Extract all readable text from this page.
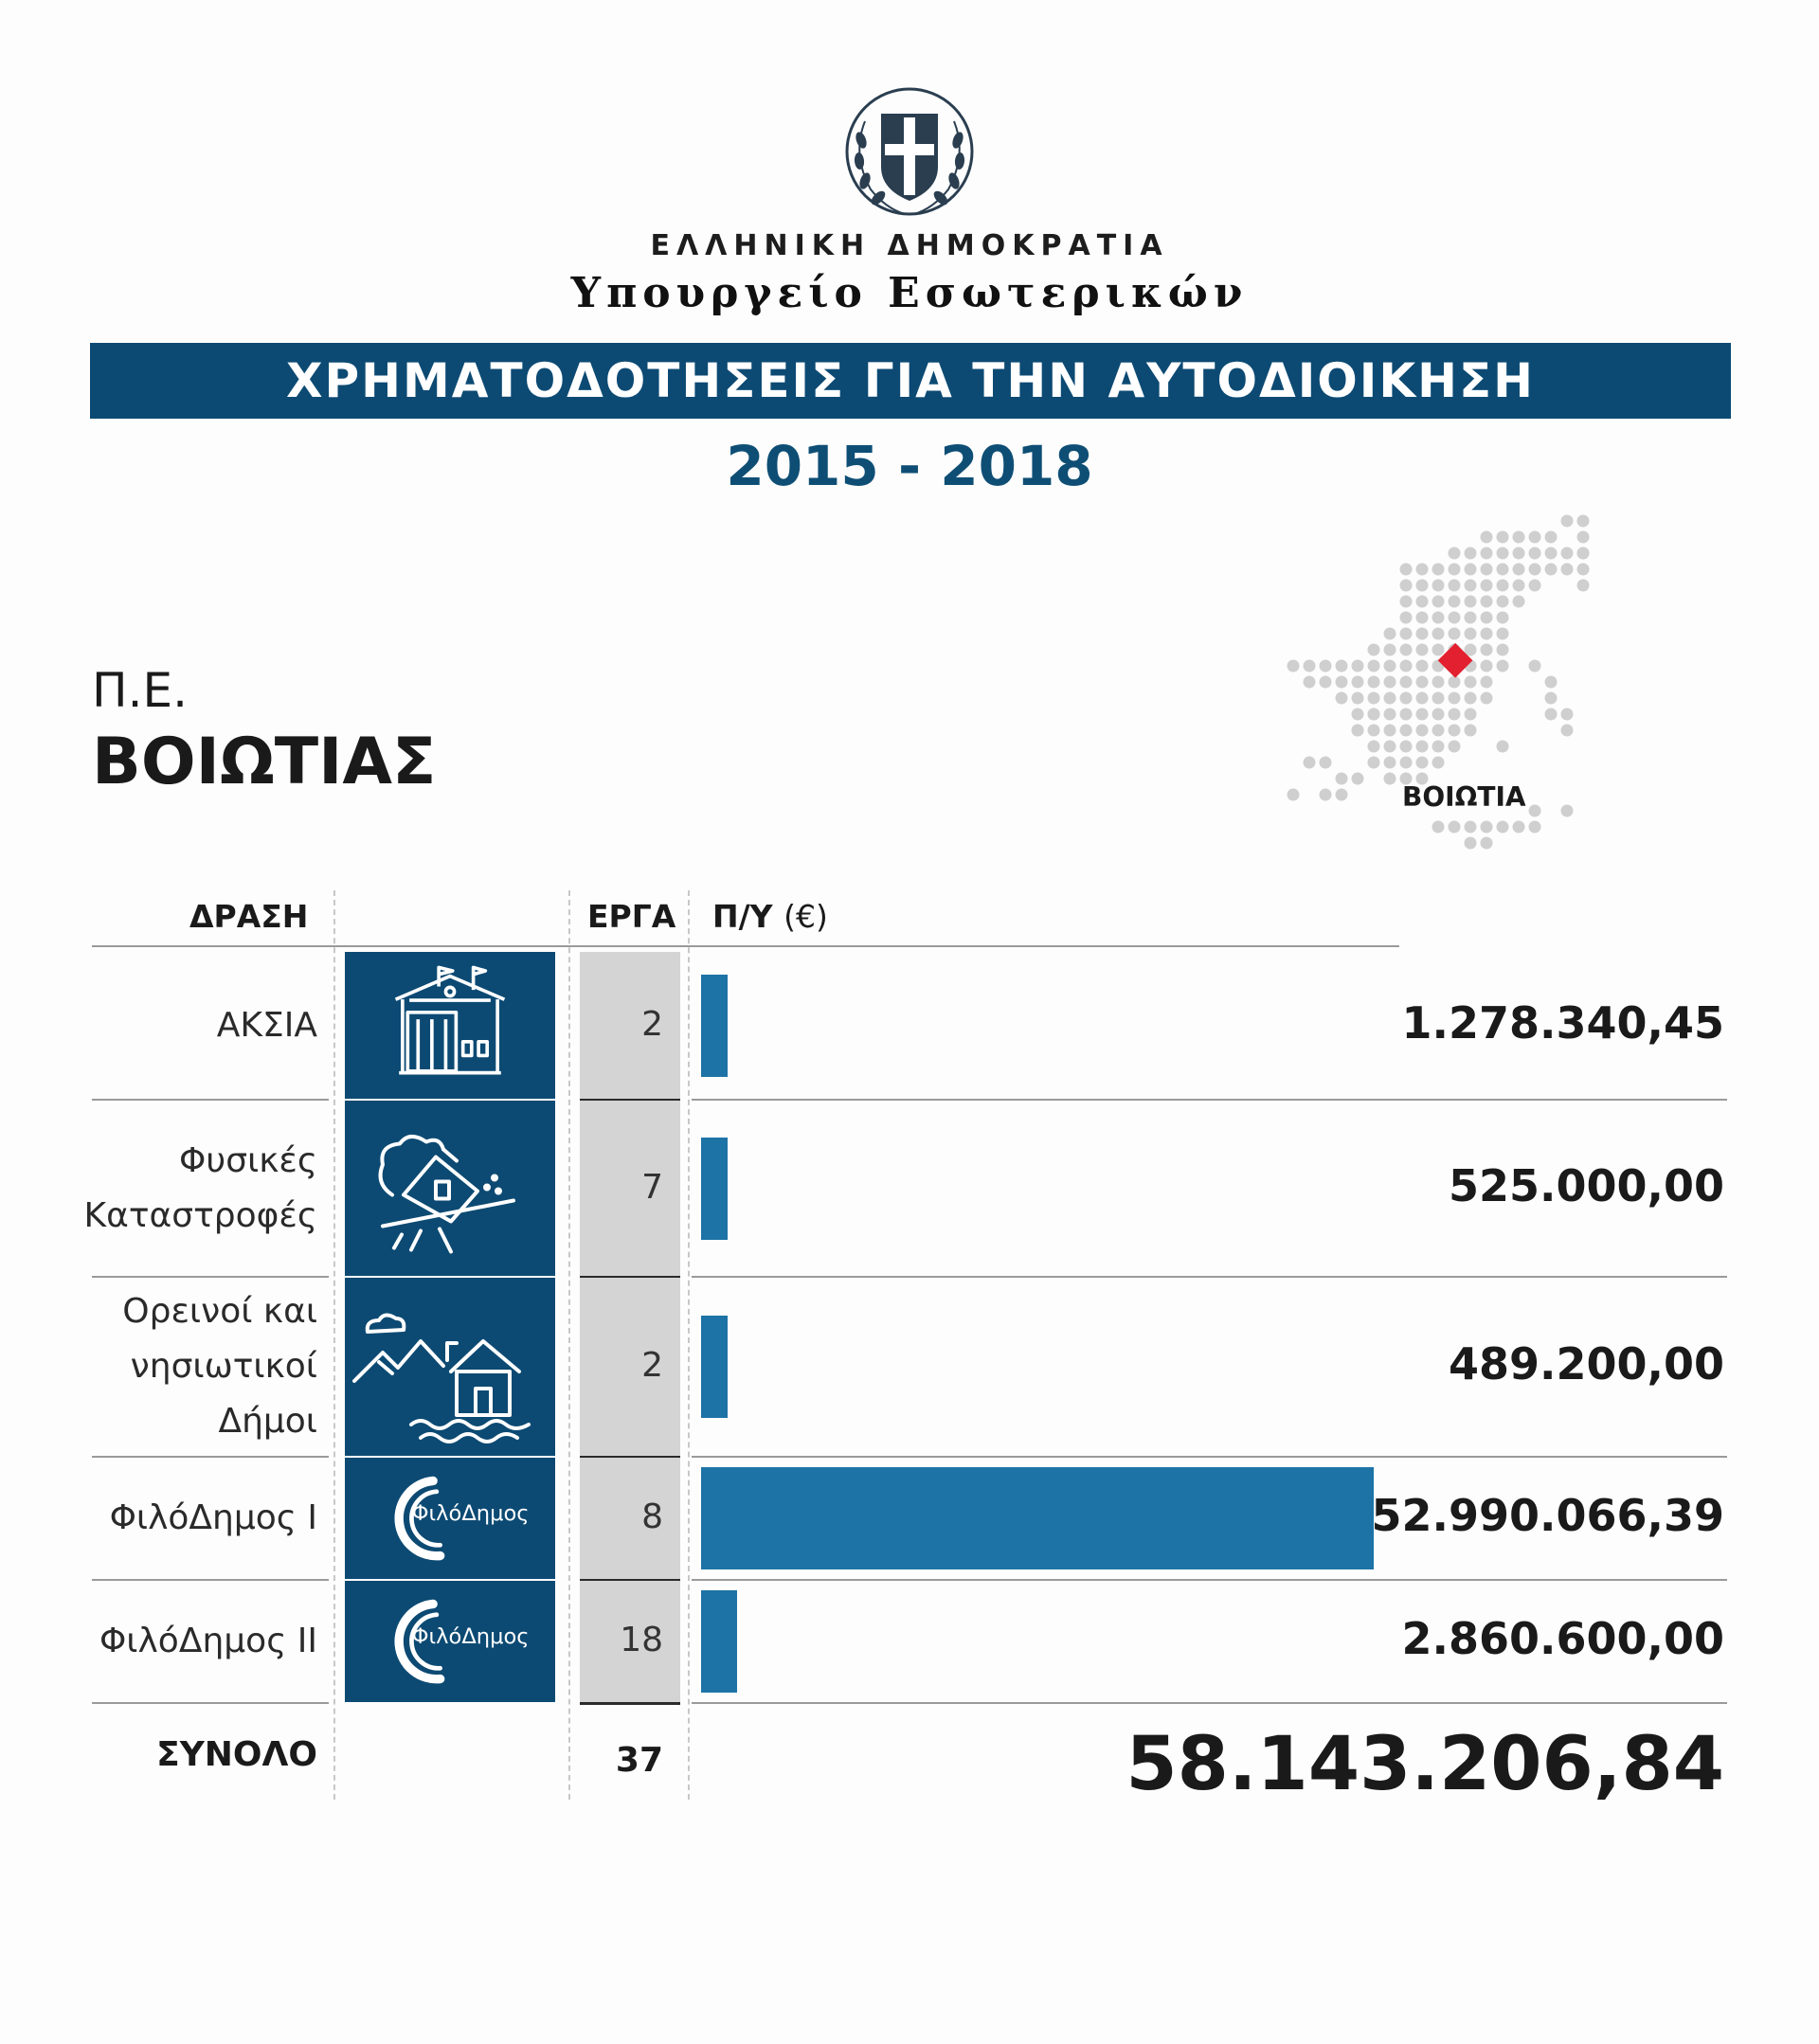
ΕΛΛΗΝΙΚΗ ΔΗΜΟΚΡΑΤΙΑ
Υπουργείο Εσωτερικών
ΧΡΗΜΑΤΟΔΟΤΗΣΕΙΣ ΓΙΑ ΤΗΝ ΑΥΤΟΔΙΟΙΚΗΣΗ
2015 - 2018
Π.Ε.
ΒΟΙΩΤΙΑΣ	ΒΟΙΩΤΙΑ
ΔΡΑΣΗ	ΕΡΓΑ Π/Υ (€)
ΑΚΣΙΑ	2	1.278.340,45
Φυσικές
Καταστροφές
7	525.000,00
Ορεινοί και
νησιωτικοί
Δήμοι
2	489.200,00
ΦιλόΔημος Ι	ΦιλόΔημος	8	52.990.066,39
ΦιλόΔημος ΙΙ	ΦιλόΔημος	18	2.860.600,00
ΣΥΝΟΛΟ	37	58.143.206,84
